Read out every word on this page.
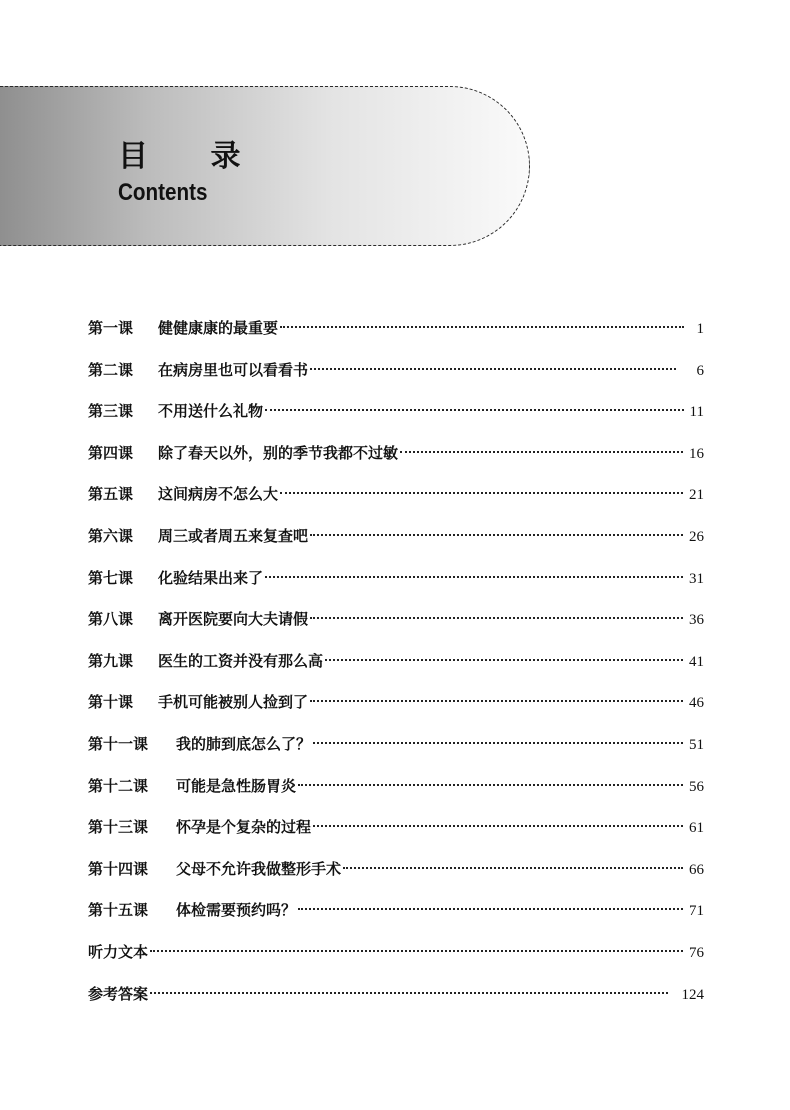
目 录
Contents
第一课	健健康康的最重要	1
第二课	在病房里也可以看看书	6
第三课	不用送什么礼物	11
第四课	除了春天以外，别的季节我都不过敏	16
第五课	这间病房不怎么大	21
第六课	周三或者周五来复查吧	26
第七课	化验结果出来了	31
第八课	离开医院要向大夫请假	36
第九课	医生的工资并没有那么高	41
第十课	手机可能被别人捡到了	46
第十一课	我的肺到底怎么了？	51
第十二课	可能是急性肠胃炎	56
第十三课	怀孕是个复杂的过程	61
第十四课	父母不允许我做整形手术	66
第十五课	体检需要预约吗？	71
听力文本	76
参考答案	124
